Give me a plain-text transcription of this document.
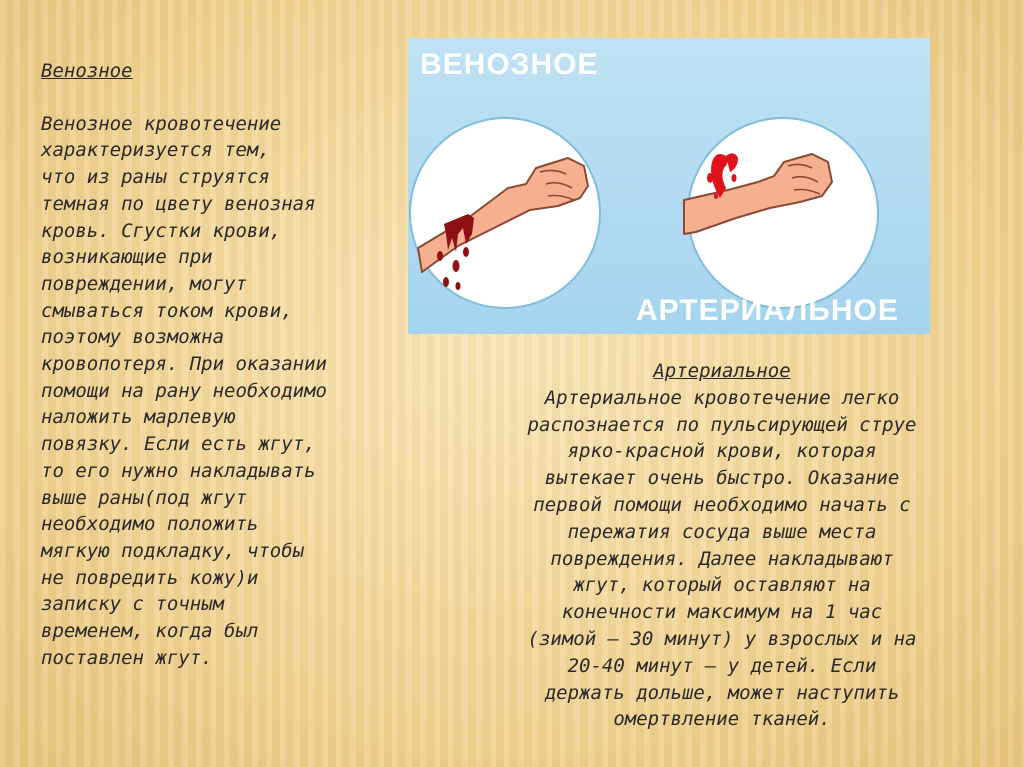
Венозное

Венозное кровотечение
характеризуется тем,
что из раны струятся
темная по цвету венозная
кровь. Сгустки крови,
возникающие при
повреждении, могут
смываться током крови,
поэтому возможна
кровопотеря. При оказании
помощи на рану необходимо
наложить марлевую
повязку. Если есть жгут,
то его нужно накладывать
выше раны(под жгут
необходимо положить
мягкую подкладку, чтобы
не повредить кожу)и
записку с точным
временем, когда был
поставлен жгут.

ВЕНОЗНОЕ
АРТЕРИАЛЬНОЕ

Артериальное

Артериальное кровотечение легко
распознается по пульсирующей струе
ярко-красной крови, которая
вытекает очень быстро. Оказание
первой помощи необходимо начать с
пережатия сосуда выше места
повреждения. Далее накладывают
жгут, который оставляют на
конечности максимум на 1 час
(зимой — 30 минут) у взрослых и на
20-40 минут — у детей. Если
держать дольше, может наступить
омертвление тканей.
